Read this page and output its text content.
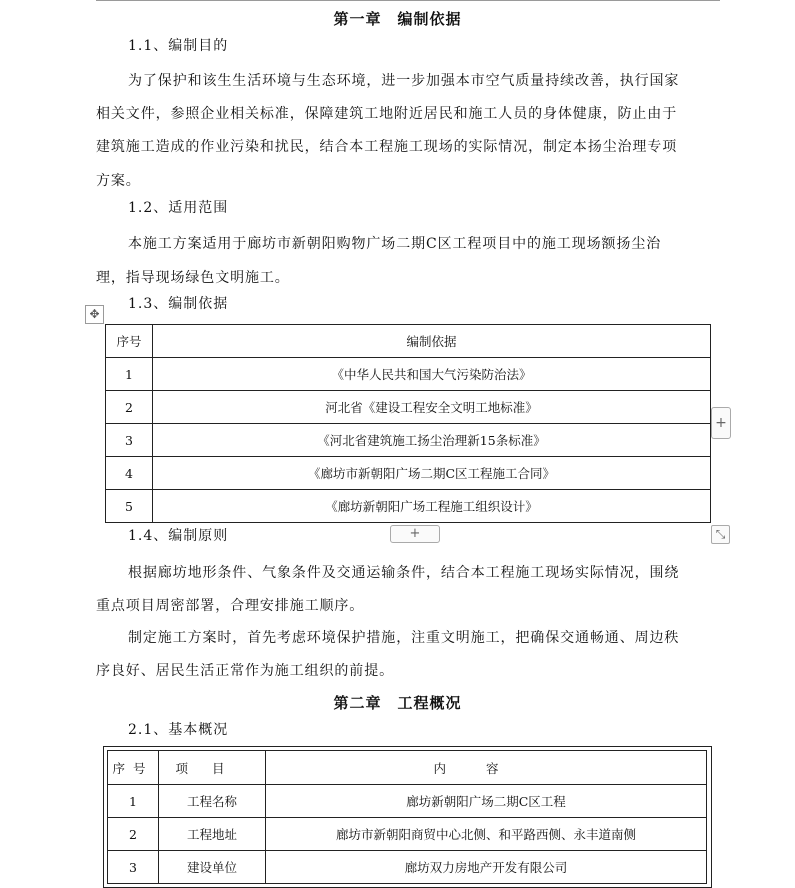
第一章　编制依据
1.1、编制目的
为了保护和该生生活环境与生态环境，进一步加强本市空气质量持续改善，执行国家
相关文件，参照企业相关标准，保障建筑工地附近居民和施工人员的身体健康，防止由于
建筑施工造成的作业污染和扰民，结合本工程施工现场的实际情况，制定本扬尘治理专项
方案。
1.2、适用范围
本施工方案适用于廊坊市新朝阳购物广场二期C区工程项目中的施工现场额扬尘治
理，指导现场绿色文明施工。
1.3、编制依据
✥
序号	编制依据
1	《中华人民共和国大气污染防治法》
2	河北省《建设工程安全文明工地标准》
3	《河北省建筑施工扬尘治理新15条标准》
4	《廊坊市新朝阳广场二期C区工程施工合同》
5	《廊坊新朝阳广场工程施工组织设计》
+
+	⤡
1.4、编制原则
根据廊坊地形条件、气象条件及交通运输条件，结合本工程施工现场实际情况，围绕
重点项目周密部署，合理安排施工顺序。
制定施工方案时，首先考虑环境保护措施，注重文明施工，把确保交通畅通、周边秩
序良好、居民生活正常作为施工组织的前提。
第二章　工程概况
2.1、基本概况
序号	项目	内容
1	工程名称	廊坊新朝阳广场二期C区工程
2	工程地址	廊坊市新朝阳商贸中心北侧、和平路西侧、永丰道南侧
3	建设单位	廊坊双力房地产开发有限公司
